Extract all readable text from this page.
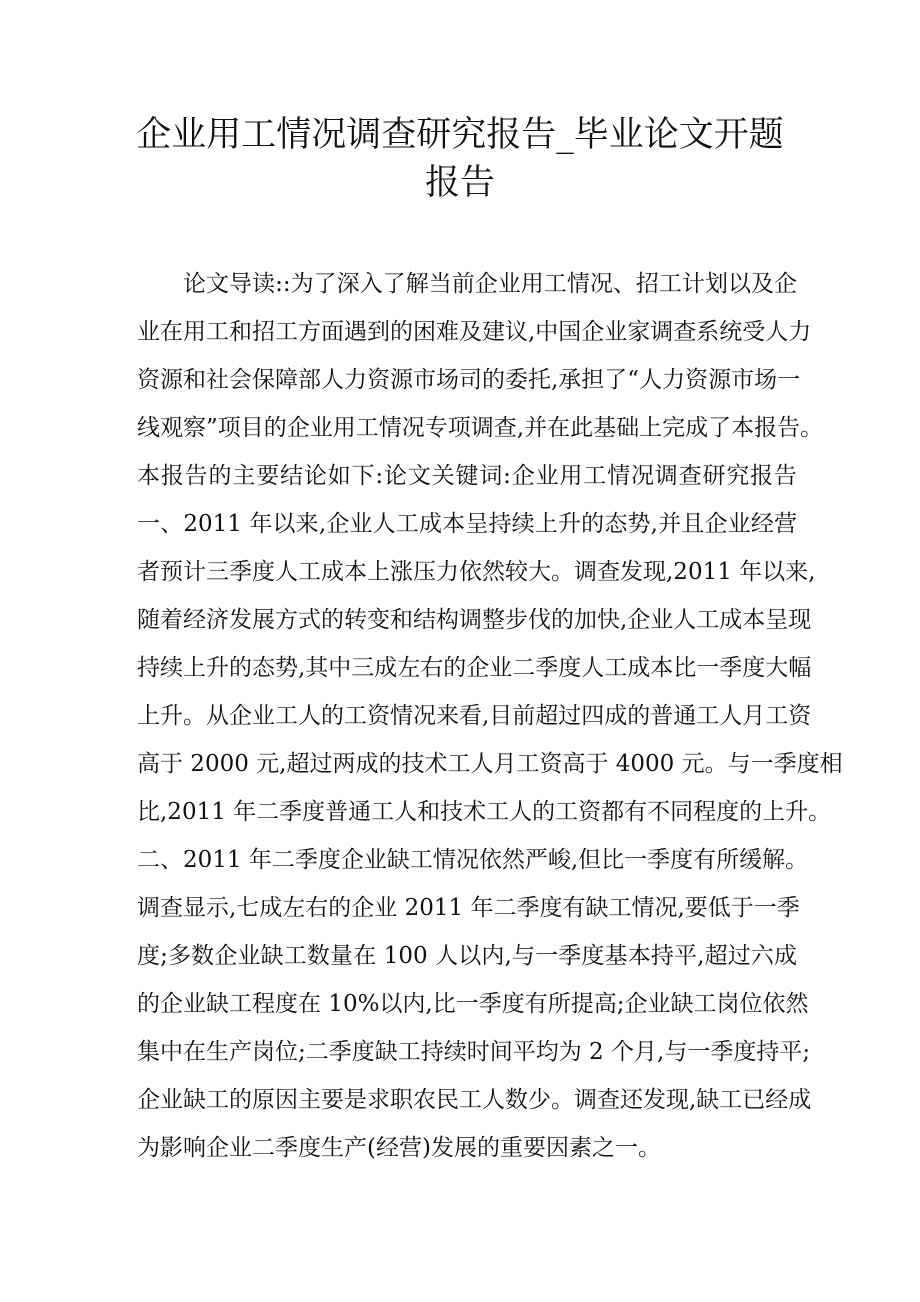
企业用工情况调查研究报告_毕业论文开题
报告
论文导读::为了深入了解当前企业用工情况、招工计划以及企
业在用工和招工方面遇到的困难及建议,中国企业家调查系统受人力
资源和社会保障部人力资源市场司的委托,承担了“人力资源市场一
线观察”项目的企业用工情况专项调查,并在此基础上完成了本报告。
本报告的主要结论如下:论文关键词:企业用工情况调查研究报告
一、2011 年以来,企业人工成本呈持续上升的态势,并且企业经营
者预计三季度人工成本上涨压力依然较大。调查发现,2011 年以来,
随着经济发展方式的转变和结构调整步伐的加快,企业人工成本呈现
持续上升的态势,其中三成左右的企业二季度人工成本比一季度大幅
上升。从企业工人的工资情况来看,目前超过四成的普通工人月工资
高于 2000 元,超过两成的技术工人月工资高于 4000 元。与一季度相
比,2011 年二季度普通工人和技术工人的工资都有不同程度的上升。
二、2011 年二季度企业缺工情况依然严峻,但比一季度有所缓解。
调查显示,七成左右的企业 2011 年二季度有缺工情况,要低于一季
度;多数企业缺工数量在 100 人以内,与一季度基本持平,超过六成
的企业缺工程度在 10%以内,比一季度有所提高;企业缺工岗位依然
集中在生产岗位;二季度缺工持续时间平均为 2 个月,与一季度持平;
企业缺工的原因主要是求职农民工人数少。调查还发现,缺工已经成
为影响企业二季度生产(经营)发展的重要因素之一。
